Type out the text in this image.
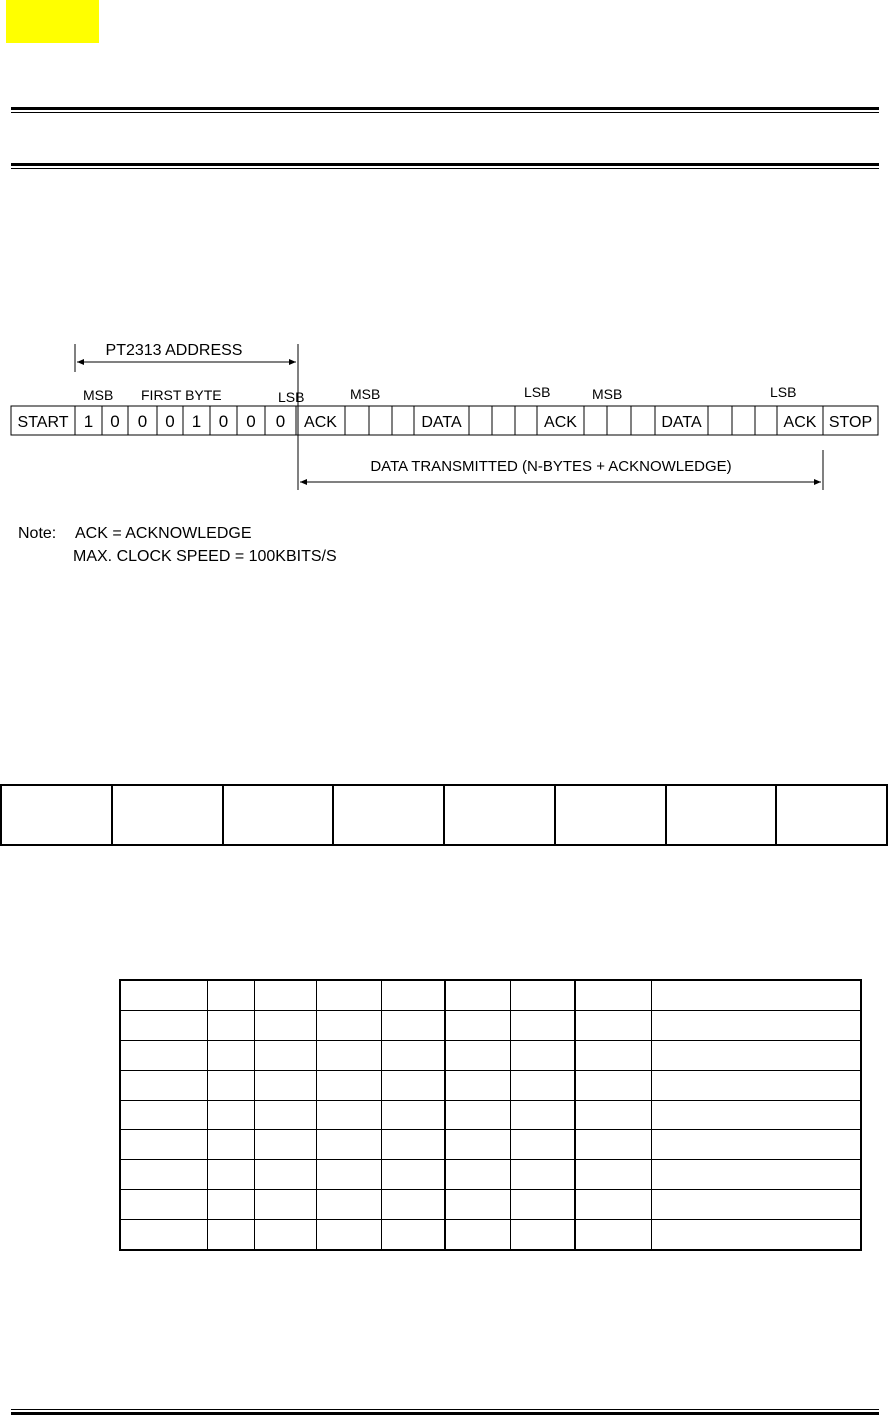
PT2313 ADDRESS
MSB FIRST BYTE	LSB	MSB	LSB	MSB	LSB
START 1 0 0 0 1 0 0 0 ACK	DATA	ACK	DATA	ACK STOP
DATA TRANSMITTED (N-BYTES + ACKNOWLEDGE)
Note: ACK = ACKNOWLEDGE
MAX. CLOCK SPEED = 100KBITS/S
